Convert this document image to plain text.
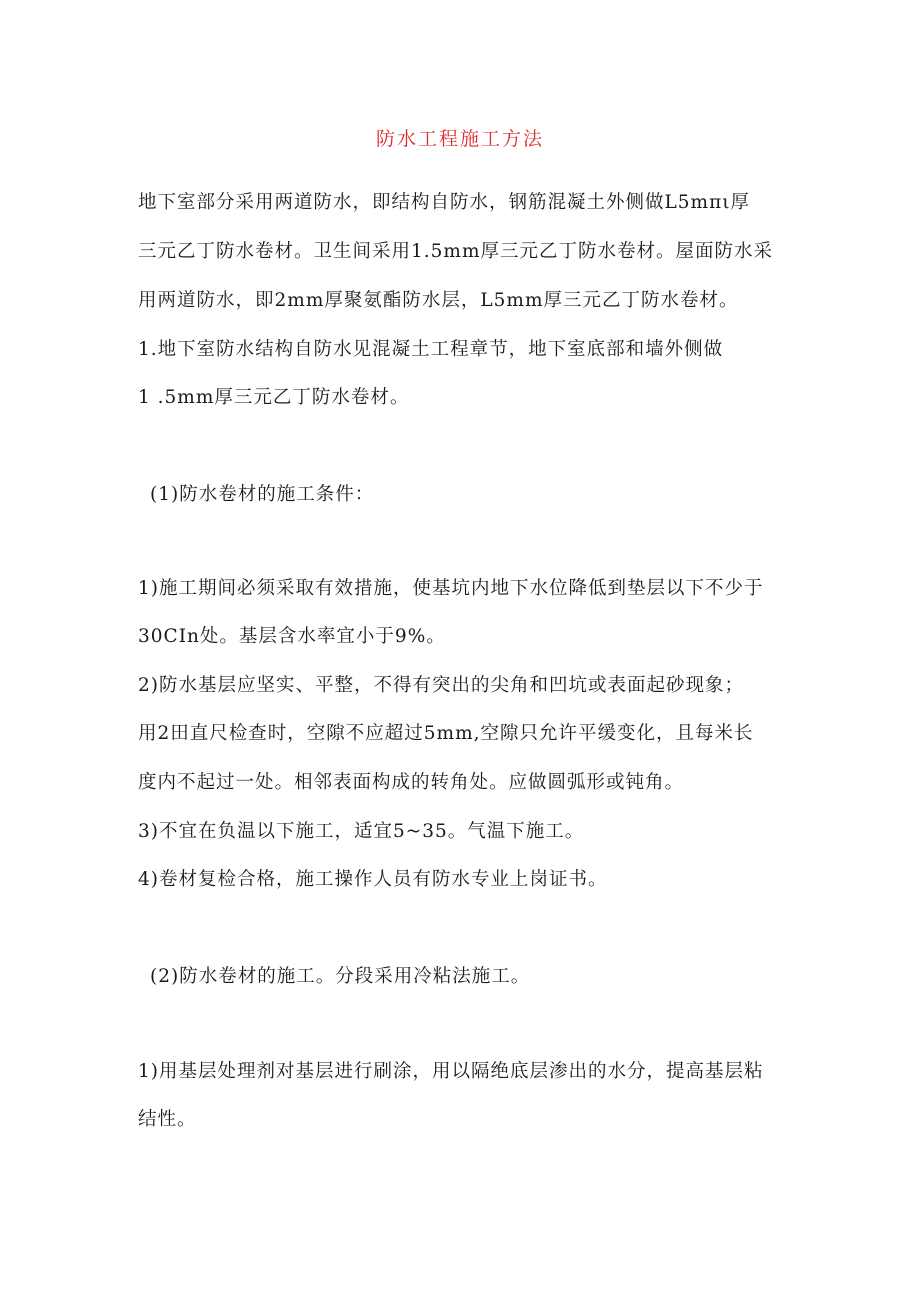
防水工程施工方法
地下室部分采用两道防水，即结构自防水，钢筋混凝土外侧做L5mπι厚
三元乙丁防水卷材。卫生间采用1.5mm厚三元乙丁防水卷材。屋面防水采
用两道防水，即2mm厚聚氨酯防水层，L5mm厚三元乙丁防水卷材。
1.地下室防水结构自防水见混凝土工程章节，地下室底部和墙外侧做
1 .5mm厚三元乙丁防水卷材。
(1)防水卷材的施工条件：
1)施工期间必须采取有效措施，使基坑内地下水位降低到垫层以下不少于
30CIn处。基层含水率宜小于9%。
2)防水基层应坚实、平整，不得有突出的尖角和凹坑或表面起砂现象；
用2田直尺检查时，空隙不应超过5mm,空隙只允许平缓变化，且每米长
度内不起过一处。相邻表面构成的转角处。应做圆弧形或钝角。
3)不宜在负温以下施工，适宜5~35。气温下施工。
4)卷材复检合格，施工操作人员有防水专业上岗证书。
(2)防水卷材的施工。分段采用冷粘法施工。
1)用基层处理剂对基层进行刷涂，用以隔绝底层渗出的水分，提高基层粘
结性。
